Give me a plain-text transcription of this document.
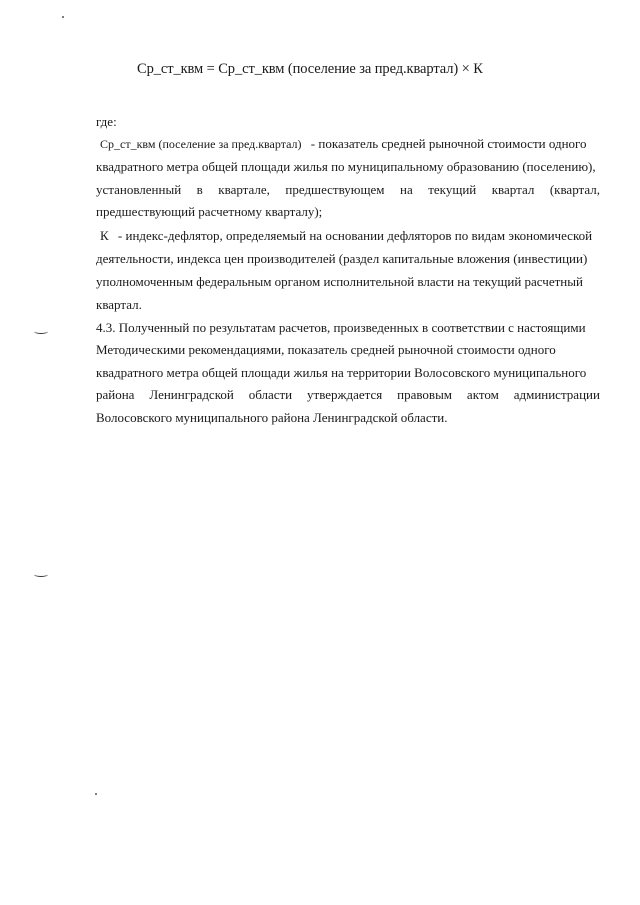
Ср_ст_квм = Ср_ст_квм (поселение за пред.квартал) × К
где:
Ср_ст_квм (поселение за пред.квартал) - показатель средней рыночной стоимости одного
квадратного метра общей площади жилья по муниципальному образованию (поселению),
установленный в квартале, предшествующем на текущий квартал (квартал,
предшествующий расчетному кварталу);
К - индекс-дефлятор, определяемый на основании дефляторов по видам экономической
деятельности, индекса цен производителей (раздел капитальные вложения (инвестиции)
уполномоченным федеральным органом исполнительной власти на текущий расчетный
квартал.
4.3. Полученный по результатам расчетов, произведенных в соответствии с настоящими
Методическими рекомендациями, показатель средней рыночной стоимости одного
квадратного метра общей площади жилья на территории Волосовского муниципального
района Ленинградской области утверждается правовым актом администрации
Волосовского муниципального района Ленинградской области.
